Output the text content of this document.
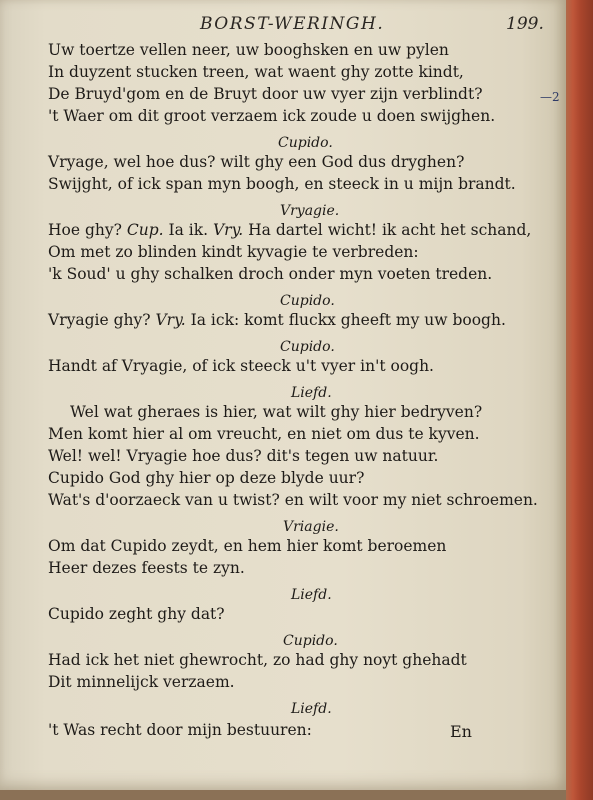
BORST-WERINGH.	199.
—2
Uw toertze vellen neer, uw booghsken en uw pylen
In duyzent stucken treen, wat waent ghy zotte kindt,
De Bruyd'gom en de Bruyt door uw vyer zijn verblindt?
't Waer om dit groot verzaem ick zoude u doen swijghen.
Cupido.
Vryage, wel hoe dus? wilt ghy een God dus dryghen?
Swijght, of ick span myn boogh, en steeck in u mijn brandt.
Vryagie.
Hoe ghy? Cup. Ia ik. Vry. Ha dartel wicht! ik acht het schand,
Om met zo blinden kindt kyvagie te verbreden:
'k Soud' u ghy schalken droch onder myn voeten treden.
Cupido.
Vryagie ghy? Vry. Ia ick: komt fluckx gheeft my uw boogh.
Cupido.
Handt af Vryagie, of ick steeck u't vyer in't oogh.
Liefd.
Wel wat gheraes is hier, wat wilt ghy hier bedryven?
Men komt hier al om vreucht, en niet om dus te kyven.
Wel! wel! Vryagie hoe dus? dit's tegen uw natuur.
Cupido God ghy hier op deze blyde uur?
Wat's d'oorzaeck van u twist? en wilt voor my niet schroemen.
Vriagie.
Om dat Cupido zeydt, en hem hier komt beroemen
Heer dezes feests te zyn.
Liefd.
Cupido zeght ghy dat?
Cupido.
Had ick het niet ghewrocht, zo had ghy noyt ghehadt
Dit minnelijck verzaem.
Liefd.
't Was recht door mijn bestuuren:	En
